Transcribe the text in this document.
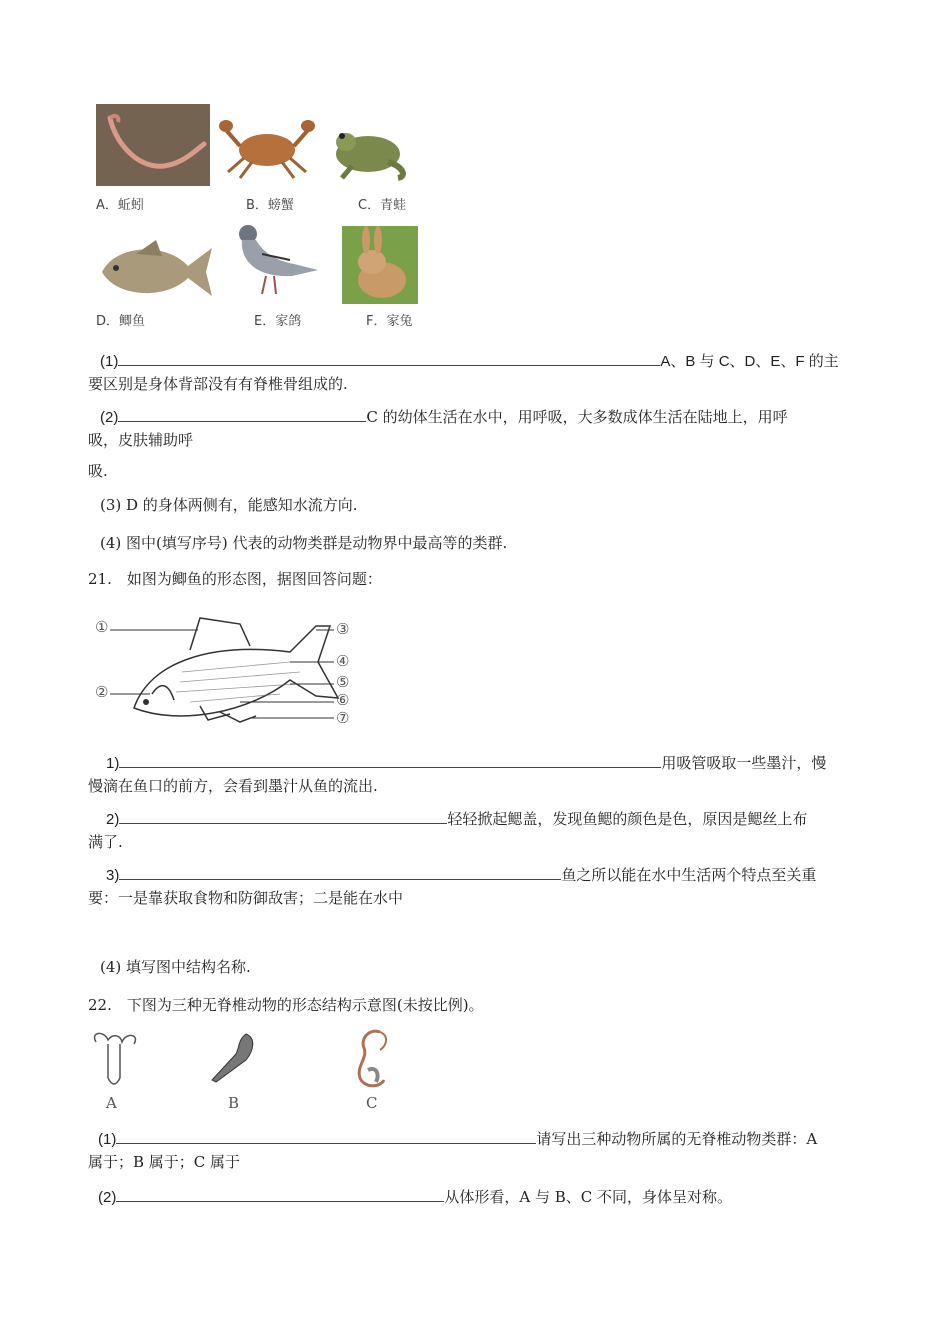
A．蚯蚓	B．螃蟹	C．青蛙
D．鲫鱼	E．家鸽	F．家兔
(1)	A、B 与 C、D、E、F 的主
要区别是身体背部没有有脊椎骨组成的.
(2)	C 的幼体生活在水中，用呼吸，大多数成体生活在陆地上，用呼
吸，皮肤辅助呼
吸.
(3) D 的身体两侧有，能感知水流方向.
(4) 图中(填写序号) 代表的动物类群是动物界中最高等的类群.
21.　如图为鲫鱼的形态图，据图回答问题：
①
②
③
④
⑤
⑥
⑦
1)	用吸管吸取一些墨汁，慢
慢滴在鱼口的前方，会看到墨汁从鱼的流出.
2)	轻轻掀起鳃盖，发现鱼鳃的颜色是色，原因是鳃丝上布
满了.
3)	鱼之所以能在水中生活两个特点至关重
要：一是靠获取食物和防御敌害；二是能在水中
(4) 填写图中结构名称.
22.　下图为三种无脊椎动物的形态结构示意图(未按比例)。
A	B	C
(1)	请写出三种动物所属的无脊椎动物类群：A
属于；B 属于；C 属于
(2)	从体形看，A 与 B、C 不同，身体呈对称。
